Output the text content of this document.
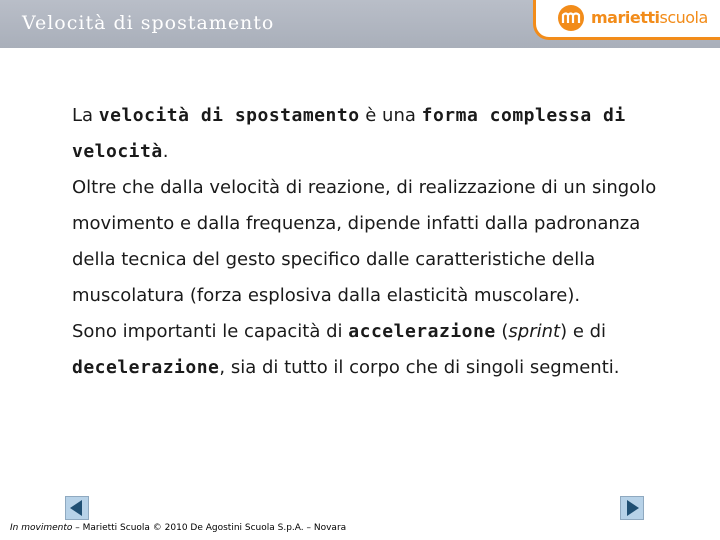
Velocità di spostamento	mariettiscuola

La velocità di spostamento è una forma complessa di velocità.

Oltre che dalla velocità di reazione, di realizzazione di un singolo movimento e dalla frequenza, dipende infatti dalla padronanza della tecnica del gesto specifico dalle caratteristiche della muscolatura (forza esplosiva dalla elasticità muscolare).

Sono importanti le capacità di accelerazione (sprint) e di decelerazione, sia di tutto il corpo che di singoli segmenti.

In movimento – Marietti Scuola © 2010 De Agostini Scuola S.p.A. – Novara
